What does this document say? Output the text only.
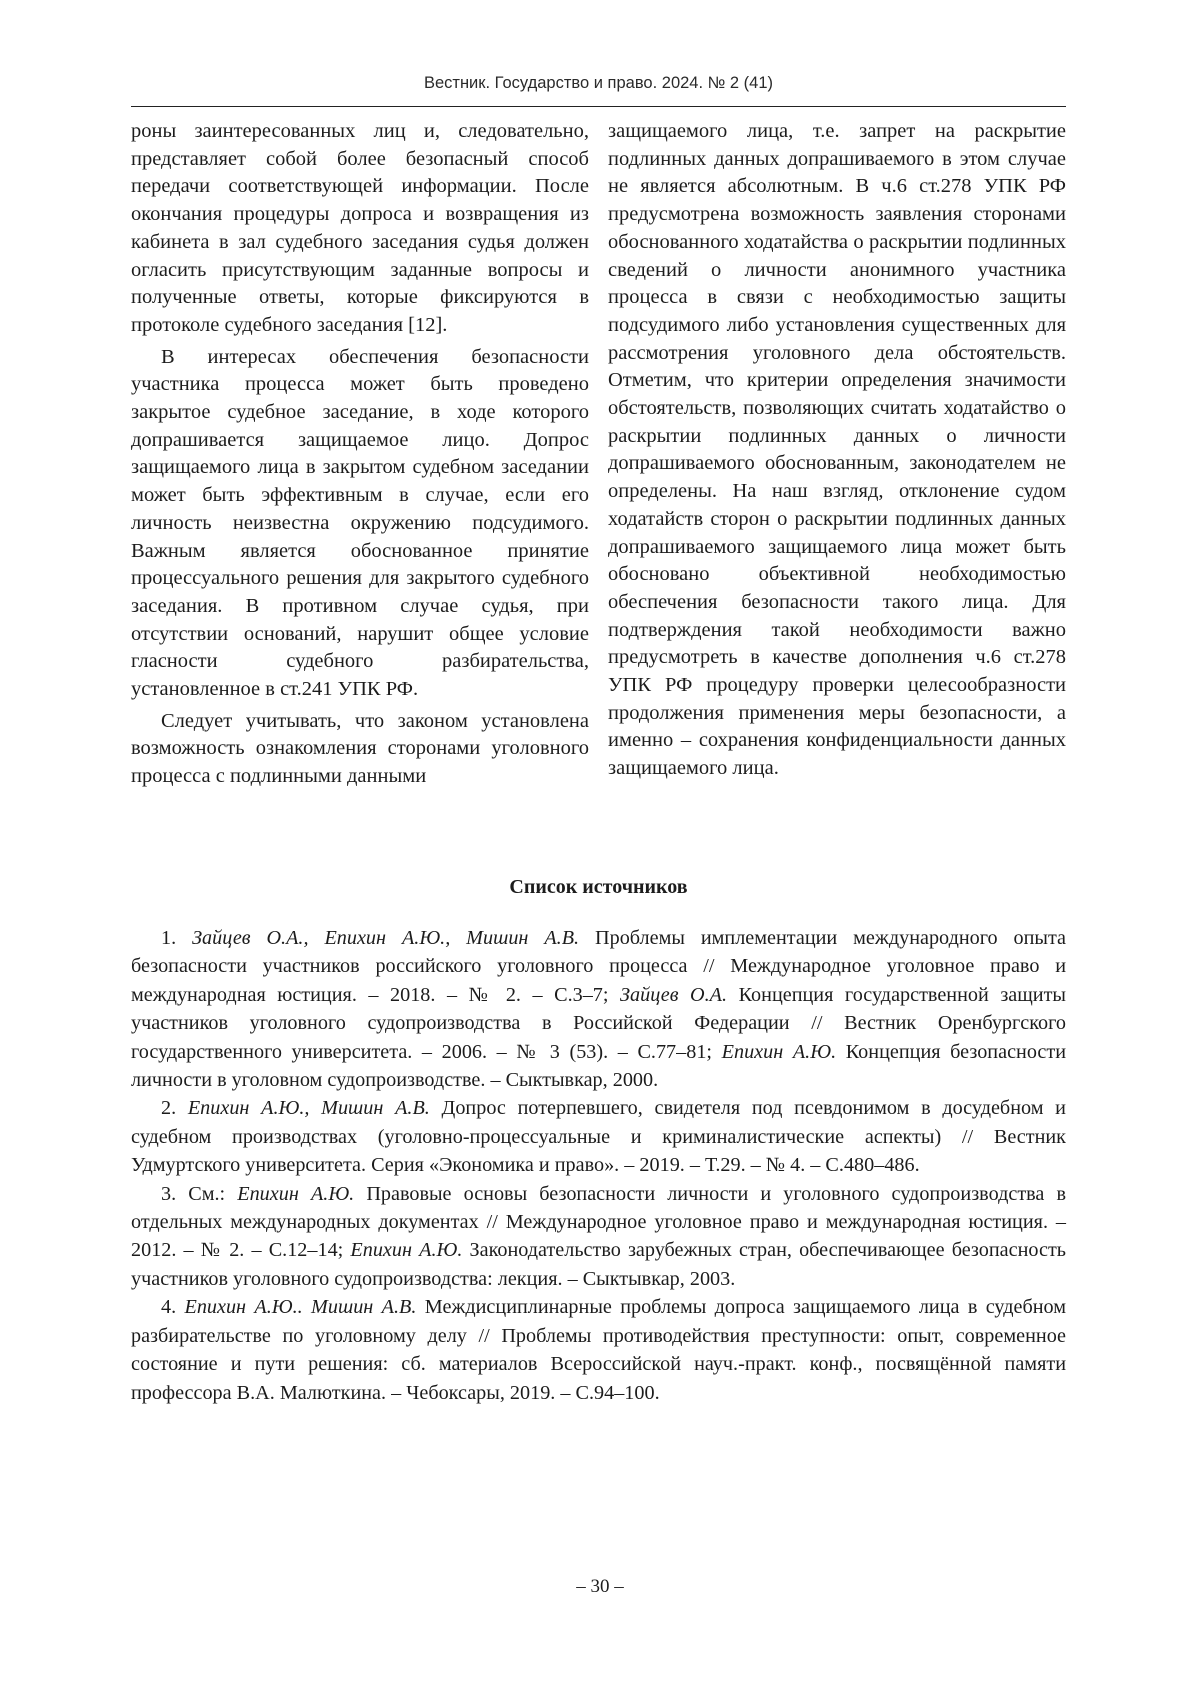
Вестник. Государство и право. 2024. № 2 (41)

роны заинтересованных лиц и, следовательно, представляет собой более безопасный способ передачи соответствующей информации. После окончания процедуры допроса и возвращения из кабинета в зал судебного заседания судья должен огласить присутствующим заданные вопросы и полученные ответы, которые фиксируются в протоколе судебного заседания [12].

В интересах обеспечения безопасности участника процесса может быть проведено закрытое судебное заседание, в ходе которого допрашивается защищаемое лицо. Допрос защищаемого лица в закрытом судебном заседании может быть эффективным в случае, если его личность неизвестна окружению подсудимого. Важным является обоснованное принятие процессуального решения для закрытого судебного заседания. В противном случае судья, при отсутствии оснований, нарушит общее условие гласности судебного разбирательства, установленное в ст.241 УПК РФ.

Следует учитывать, что законом установлена возможность ознакомления сторонами уголовного процесса с подлинными данными

защищаемого лица, т.е. запрет на раскрытие подлинных данных допрашиваемого в этом случае не является абсолютным. В ч.6 ст.278 УПК РФ предусмотрена возможность заявления сторонами обоснованного ходатайства о раскрытии подлинных сведений о личности анонимного участника процесса в связи с необходимостью защиты подсудимого либо установления существенных для рассмотрения уголовного дела обстоятельств. Отметим, что критерии определения значимости обстоятельств, позволяющих считать ходатайство о раскрытии подлинных данных о личности допрашиваемого обоснованным, законодателем не определены. На наш взгляд, отклонение судом ходатайств сторон о раскрытии подлинных данных допрашиваемого защищаемого лица может быть обосновано объективной необходимостью обеспечения безопасности такого лица. Для подтверждения такой необходимости важно предусмотреть в качестве дополнения ч.6 ст.278 УПК РФ процедуру проверки целесообразности продолжения применения меры безопасности, а именно – сохранения конфиденциальности данных защищаемого лица.

Список источников

1. Зайцев О.А., Епихин А.Ю., Мишин А.В. Проблемы имплементации международного опыта безопасности участников российского уголовного процесса // Международное уголовное право и международная юстиция. – 2018. – № 2. – С.3–7; Зайцев О.А. Концепция государственной защиты участников уголовного судопроизводства в Российской Федерации // Вестник Оренбургского государственного университета. – 2006. – № 3 (53). – С.77–81; Епихин А.Ю. Концепция безопасности личности в уголовном судопроизводстве. – Сыктывкар, 2000.

2. Епихин А.Ю., Мишин А.В. Допрос потерпевшего, свидетеля под псевдонимом в досудебном и судебном производствах (уголовно-процессуальные и криминалистические аспекты) // Вестник Удмуртского университета. Серия «Экономика и право». – 2019. – Т.29. – № 4. – С.480–486.

3. См.: Епихин А.Ю. Правовые основы безопасности личности и уголовного судопроизводства в отдельных международных документах // Международное уголовное право и международная юстиция. – 2012. – № 2. – С.12–14; Епихин А.Ю. Законодательство зарубежных стран, обеспечивающее безопасность участников уголовного судопроизводства: лекция. – Сыктывкар, 2003.

4. Епихин А.Ю.. Мишин А.В. Междисциплинарные проблемы допроса защищаемого лица в судебном разбирательстве по уголовному делу // Проблемы противодействия преступности: опыт, современное состояние и пути решения: сб. материалов Всероссийской науч.-практ. конф., посвящённой памяти профессора В.А. Малюткина. – Чебоксары, 2019. – С.94–100.

– 30 –
